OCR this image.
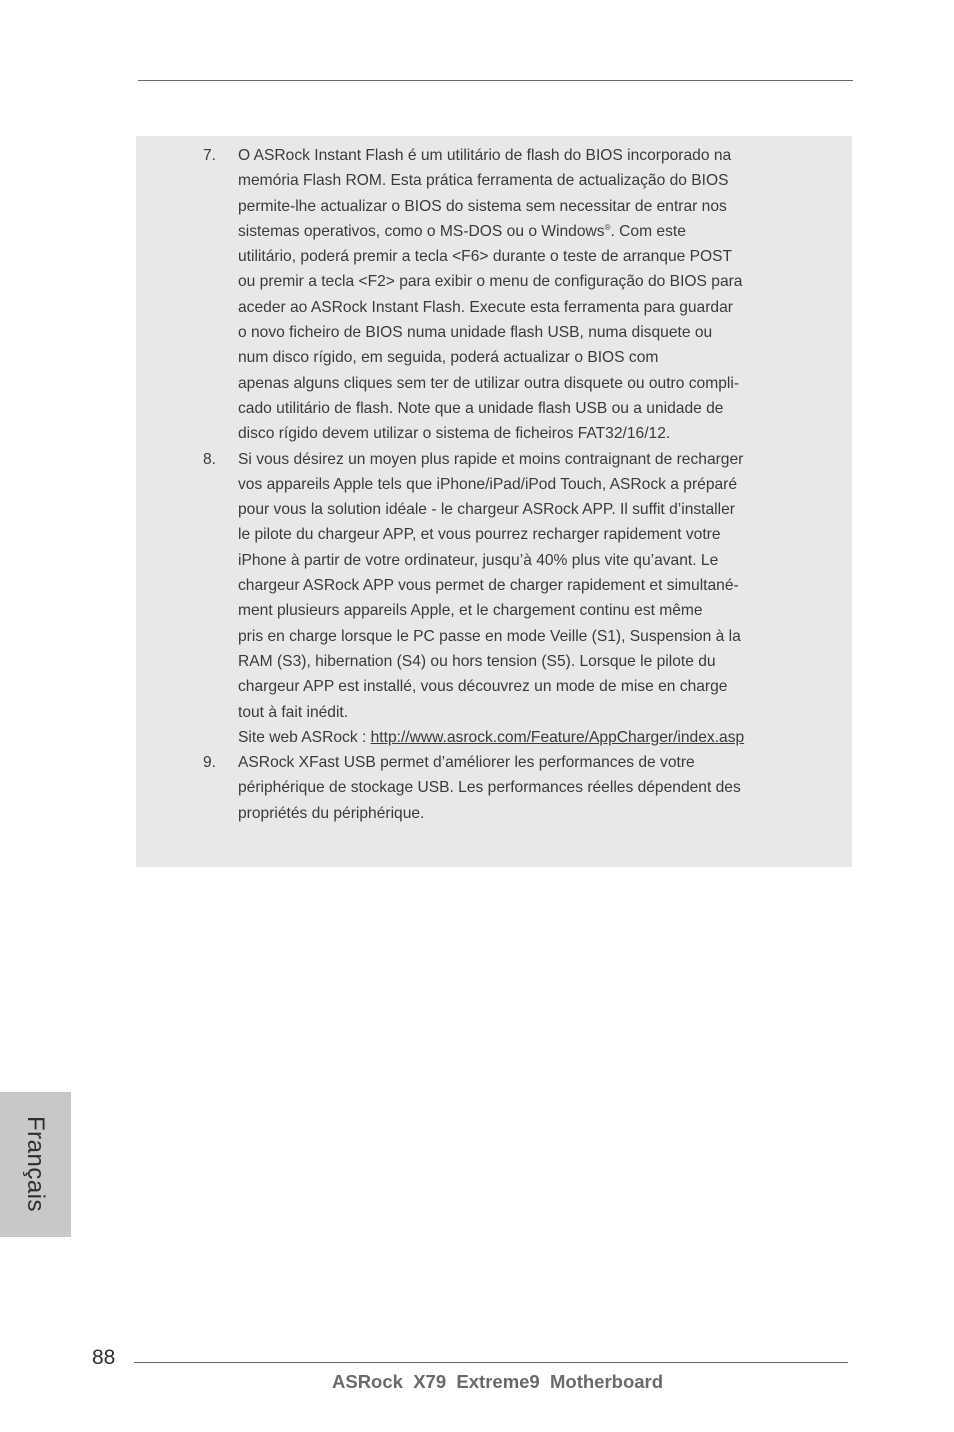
7. O ASRock Instant Flash é um utilitário de flash do BIOS incorporado na
memória Flash ROM. Esta prática ferramenta de actualização do BIOS
permite-lhe actualizar o BIOS do sistema sem necessitar de entrar nos
sistemas operativos, como o MS-DOS ou o Windows®. Com este
utilitário, poderá premir a tecla <F6> durante o teste de arranque POST
ou premir a tecla <F2> para exibir o menu de configuração do BIOS para
aceder ao ASRock Instant Flash. Execute esta ferramenta para guardar
o novo ficheiro de BIOS numa unidade flash USB, numa disquete ou
num disco rígido, em seguida, poderá actualizar o BIOS com
apenas alguns cliques sem ter de utilizar outra disquete ou outro compli-
cado utilitário de flash. Note que a unidade flash USB ou a unidade de
disco rígido devem utilizar o sistema de ficheiros FAT32/16/12.
8. Si vous désirez un moyen plus rapide et moins contraignant de recharger
vos appareils Apple tels que iPhone/iPad/iPod Touch, ASRock a préparé
pour vous la solution idéale - le chargeur ASRock APP. Il suffit d’installer
le pilote du chargeur APP, et vous pourrez recharger rapidement votre
iPhone à partir de votre ordinateur, jusqu’à 40% plus vite qu’avant. Le
chargeur ASRock APP vous permet de charger rapidement et simultané-
ment plusieurs appareils Apple, et le chargement continu est même
pris en charge lorsque le PC passe en mode Veille (S1), Suspension à la
RAM (S3), hibernation (S4) ou hors tension (S5). Lorsque le pilote du
chargeur APP est installé, vous découvrez un mode de mise en charge
tout à fait inédit.
Site web ASRock : http://www.asrock.com/Feature/AppCharger/index.asp
9. ASRock XFast USB permet d’améliorer les performances de votre
périphérique de stockage USB. Les performances réelles dépendent des
propriétés du périphérique.
Français
88
ASRock  X79  Extreme9  Motherboard
